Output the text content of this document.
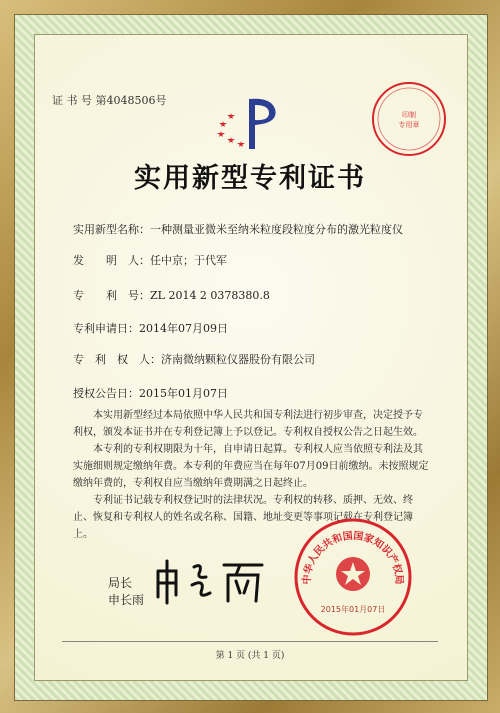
证 书 号 第4048506号
印制
专用章
实用新型专利证书
实用新型名称：一种测量亚微米至纳米粒度段粒度分布的激光粒度仪
发　　明　人：任中京；于代军
专　　利　号：ZL 2014 2 0378380.8
专利申请日：2014年07月09日
专　利　权　人：济南微纳颗粒仪器股份有限公司
授权公告日：2015年01月07日

本实用新型经过本局依照中华人民共和国专利法进行初步审查，决定授予专利权，颁发本证书并在专利登记簿上予以登记。专利权自授权公告之日起生效。

本专利的专利权期限为十年，自申请日起算。专利权人应当依照专利法及其实施细则规定缴纳年费。本专利的年费应当在每年07月09日前缴纳。未按照规定缴纳年费的，专利权自应当缴纳年费期满之日起终止。

专利证书记载专利权登记时的法律状况。专利权的转移、质押、无效、终止、恢复和专利权人的姓名或名称、国籍、地址变更等事项记载在专利登记簿上。

中华人民共和国国家知识产权局
2015年01月07日
局长
申长雨
第 1 页 (共 1 页)
